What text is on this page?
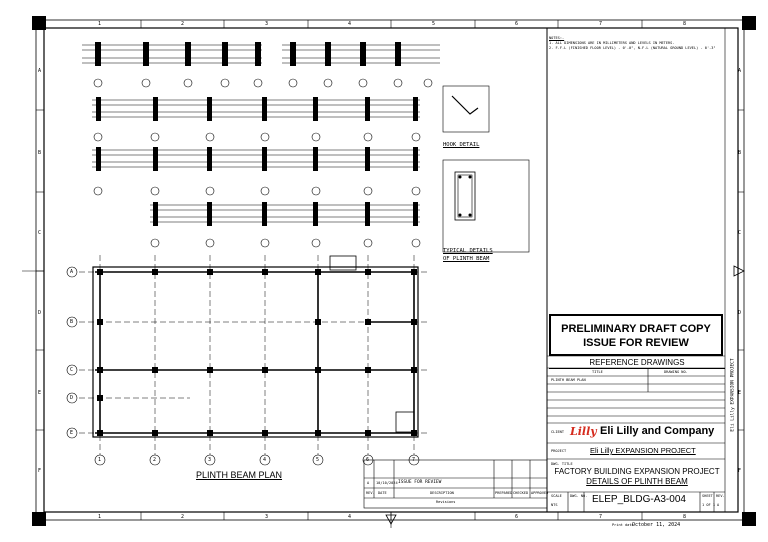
1	2	3	4	5	6	7	8
1	2	3	4	6	7	8
A
B
C
D
E
F
A
B
C
D
E
F
A
B
C
D
E
1	2	3	4	5	6	7
NOTES:-
1. ALL DIMENSIONS ARE IN MILLIMETERS AND LEVELS IN METERS.
2. F.F.L (FINISHED FLOOR LEVEL) - 0'-0", N.F.L (NATURAL GROUND LEVEL) - 0'-3"
HOOK DETAIL
TYPICAL DETAILS
OF PLINTH BEAM
PLINTH BEAM PLAN
PRELIMINARY DRAFT COPY
ISSUE FOR REVIEW
REFERENCE DRAWINGS
TITLE	DRAWING NO.
PLINTH BEAM PLAN
CLIENT Lilly Eli Lilly and Company
PROJECT	Eli Lilly EXPANSION PROJECT
DWG. TITLE
FACTORY BUILDING EXPANSION PROJECT
DETAILS OF PLINTH BEAM
SCALE
NTS
DWG. NO. ELEP_BLDG-A3-004	SHEET
1 OF 1
REV.
A
Eli Lilly EXPANSION PROJECT
A 10/10/2024 ISSUE FOR REVIEW
REV. DATE	DESCRIPTION	PREPARED CHECKED APPROVED
Revisions
Print date
October 11, 2024
